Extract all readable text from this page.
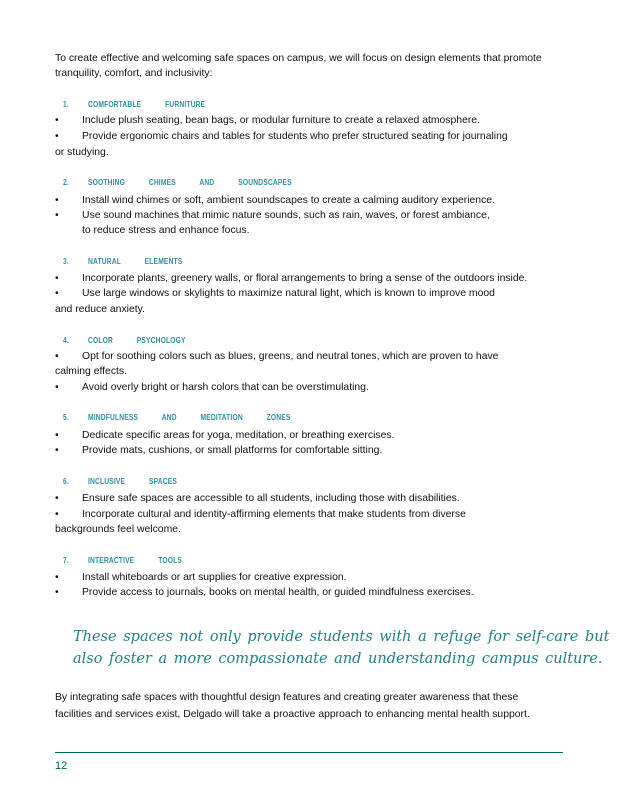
To create effective and welcoming safe spaces on campus, we will focus on design elements that promote
tranquility, comfort, and inclusivity:
1. COMFORTABLE FURNITURE
• Include plush seating, bean bags, or modular furniture to create a relaxed atmosphere.
• Provide ergonomic chairs and tables for students who prefer structured seating for journaling
or studying.
2. SOOTHING CHIMES AND SOUNDSCAPES
• Install wind chimes or soft, ambient soundscapes to create a calming auditory experience.
• Use sound machines that mimic nature sounds, such as rain, waves, or forest ambiance,
to reduce stress and enhance focus.
3. NATURAL ELEMENTS
• Incorporate plants, greenery walls, or floral arrangements to bring a sense of the outdoors inside.
• Use large windows or skylights to maximize natural light, which is known to improve mood
and reduce anxiety.
4. COLOR PSYCHOLOGY
• Opt for soothing colors such as blues, greens, and neutral tones, which are proven to have
calming effects.
• Avoid overly bright or harsh colors that can be overstimulating.
5. MINDFULNESS AND MEDITATION ZONES
• Dedicate specific areas for yoga, meditation, or breathing exercises.
• Provide mats, cushions, or small platforms for comfortable sitting.
6. INCLUSIVE SPACES
• Ensure safe spaces are accessible to all students, including those with disabilities.
• Incorporate cultural and identity-affirming elements that make students from diverse
backgrounds feel welcome.
7. INTERACTIVE TOOLS
• Install whiteboards or art supplies for creative expression.
• Provide access to journals, books on mental health, or guided mindfulness exercises.
These spaces not only provide students with a refuge for self-care but
also foster a more compassionate and understanding campus culture.
By integrating safe spaces with thoughtful design features and creating greater awareness that these
facilities and services exist, Delgado will take a proactive approach to enhancing mental health support.
12
